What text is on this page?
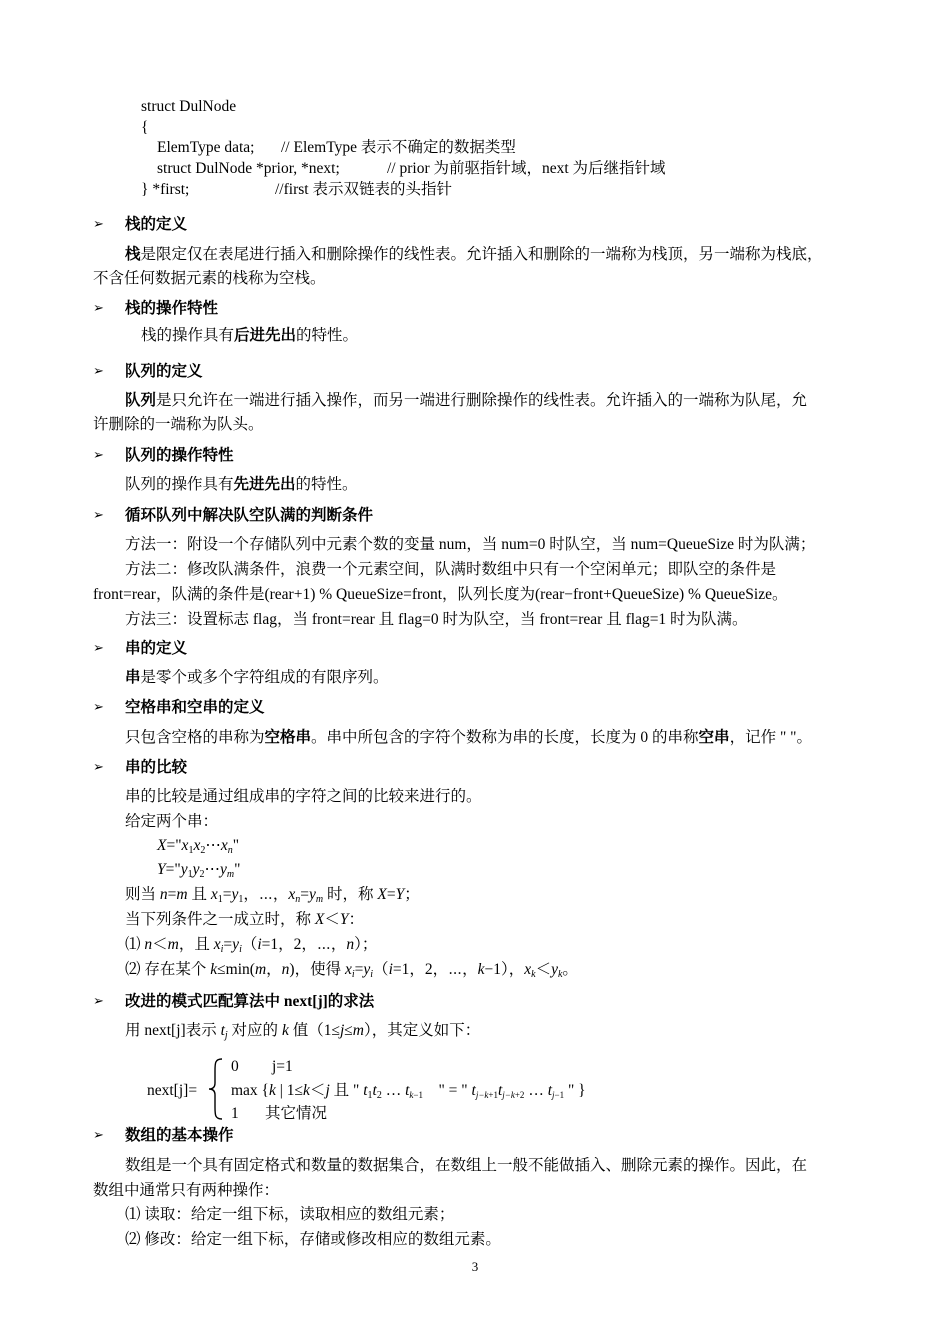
struct DulNode
{
ElemType data; // ElemType 表示不确定的数据类型
struct DulNode *prior, *next;	// prior 为前驱指针域，next 为后继指针域
} *first;	//first 表示双链表的头指针
➢ 栈的定义
栈是限定仅在表尾进行插入和删除操作的线性表。允许插入和删除的一端称为栈顶，另一端称为栈底，
不含任何数据元素的栈称为空栈。
➢ 栈的操作特性
栈的操作具有后进先出的特性。
➢ 队列的定义
队列是只允许在一端进行插入操作，而另一端进行删除操作的线性表。允许插入的一端称为队尾，允
许删除的一端称为队头。
➢ 队列的操作特性
队列的操作具有先进先出的特性。
➢ 循环队列中解决队空队满的判断条件
方法一：附设一个存储队列中元素个数的变量 num，当 num=0 时队空，当 num=QueueSize 时为队满；
方法二：修改队满条件，浪费一个元素空间，队满时数组中只有一个空闲单元；即队空的条件是
front=rear，队满的条件是(rear+1) % QueueSize=front，队列长度为(rear−front+QueueSize) % QueueSize。
方法三：设置标志 flag，当 front=rear 且 flag=0 时为队空，当 front=rear 且 flag=1 时为队满。
➢ 串的定义
串是零个或多个字符组成的有限序列。
➢ 空格串和空串的定义
只包含空格的串称为空格串。串中所包含的字符个数称为串的长度，长度为 0 的串称空串，记作 " "。
➢ 串的比较
串的比较是通过组成串的字符之间的比较来进行的。
给定两个串：
$X="x_1x_2\cdots x_n$"
$Y="y_1y_2\cdots y_m$"
则当 n=m 且 $x_1=y_1$，⋯，$x_n=y_m$ 时，称 X=Y；
当下列条件之一成立时，称 X＜Y：
⑴ n＜m，且 $x_i=y_i(i=1$，2，⋯，n）；
⑵ 存在某个 k≤min(m，n)，使得 $x_i=y_i(i=1$，2，⋯，k−1），$x_k<y_k$。
➢ 改进的模式匹配算法中 next[j]的求法
用 next[j]表示 $t_j$ 对应的 k 值（1≤j≤m），其定义如下：
next[j]=
0 j=1
max {k | 1≤k＜j 且 " $t_1t_2$ … $t_{k-1}$　" = " $t_{j-k+1}t_{j-k+2}$ … $t_{j-1}$ " }
1 其它情况
➢ 数组的基本操作
数组是一个具有固定格式和数量的数据集合，在数组上一般不能做插入、删除元素的操作。因此，在
数组中通常只有两种操作：
⑴ 读取：给定一组下标，读取相应的数组元素；
⑵ 修改：给定一组下标，存储或修改相应的数组元素。
3
